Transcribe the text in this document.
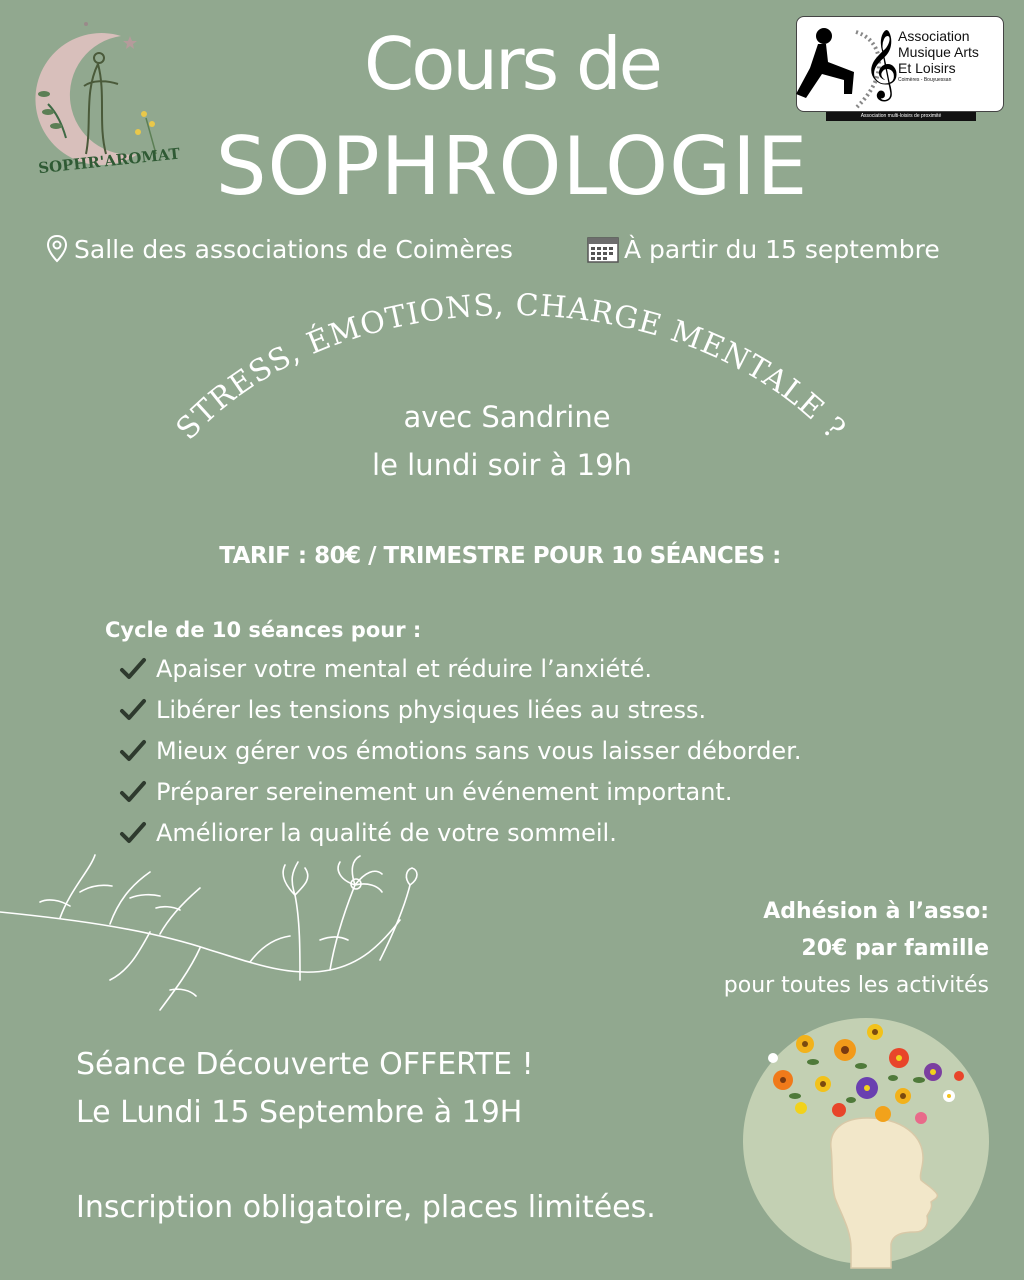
SOPHR'AROMAT
𝄞
Association
Musique Arts
Et Loisirs
Coimères - Bouyuessan
Association multi-loisirs de proximité
Cours de
SOPHROLOGIE
Salle des associations de Coimères	À partir du 15 septembre
STRESS, ÉMOTIONS, CHARGE MENTALE ?
avec Sandrine
le lundi soir à 19h
TARIF : 80€ / TRIMESTRE POUR 10 SÉANCES :
Cycle de 10 séances pour :
Apaiser votre mental et réduire l’anxiété.
Libérer les tensions physiques liées au stress.
Mieux gérer vos émotions sans vous laisser déborder.
Préparer sereinement un événement important.
Améliorer la qualité de votre sommeil.
Adhésion à l’asso:
20€ par famille
pour toutes les activités
Séance Découverte OFFERTE !
Le Lundi 15 Septembre à 19H
Inscription obligatoire, places limitées.
